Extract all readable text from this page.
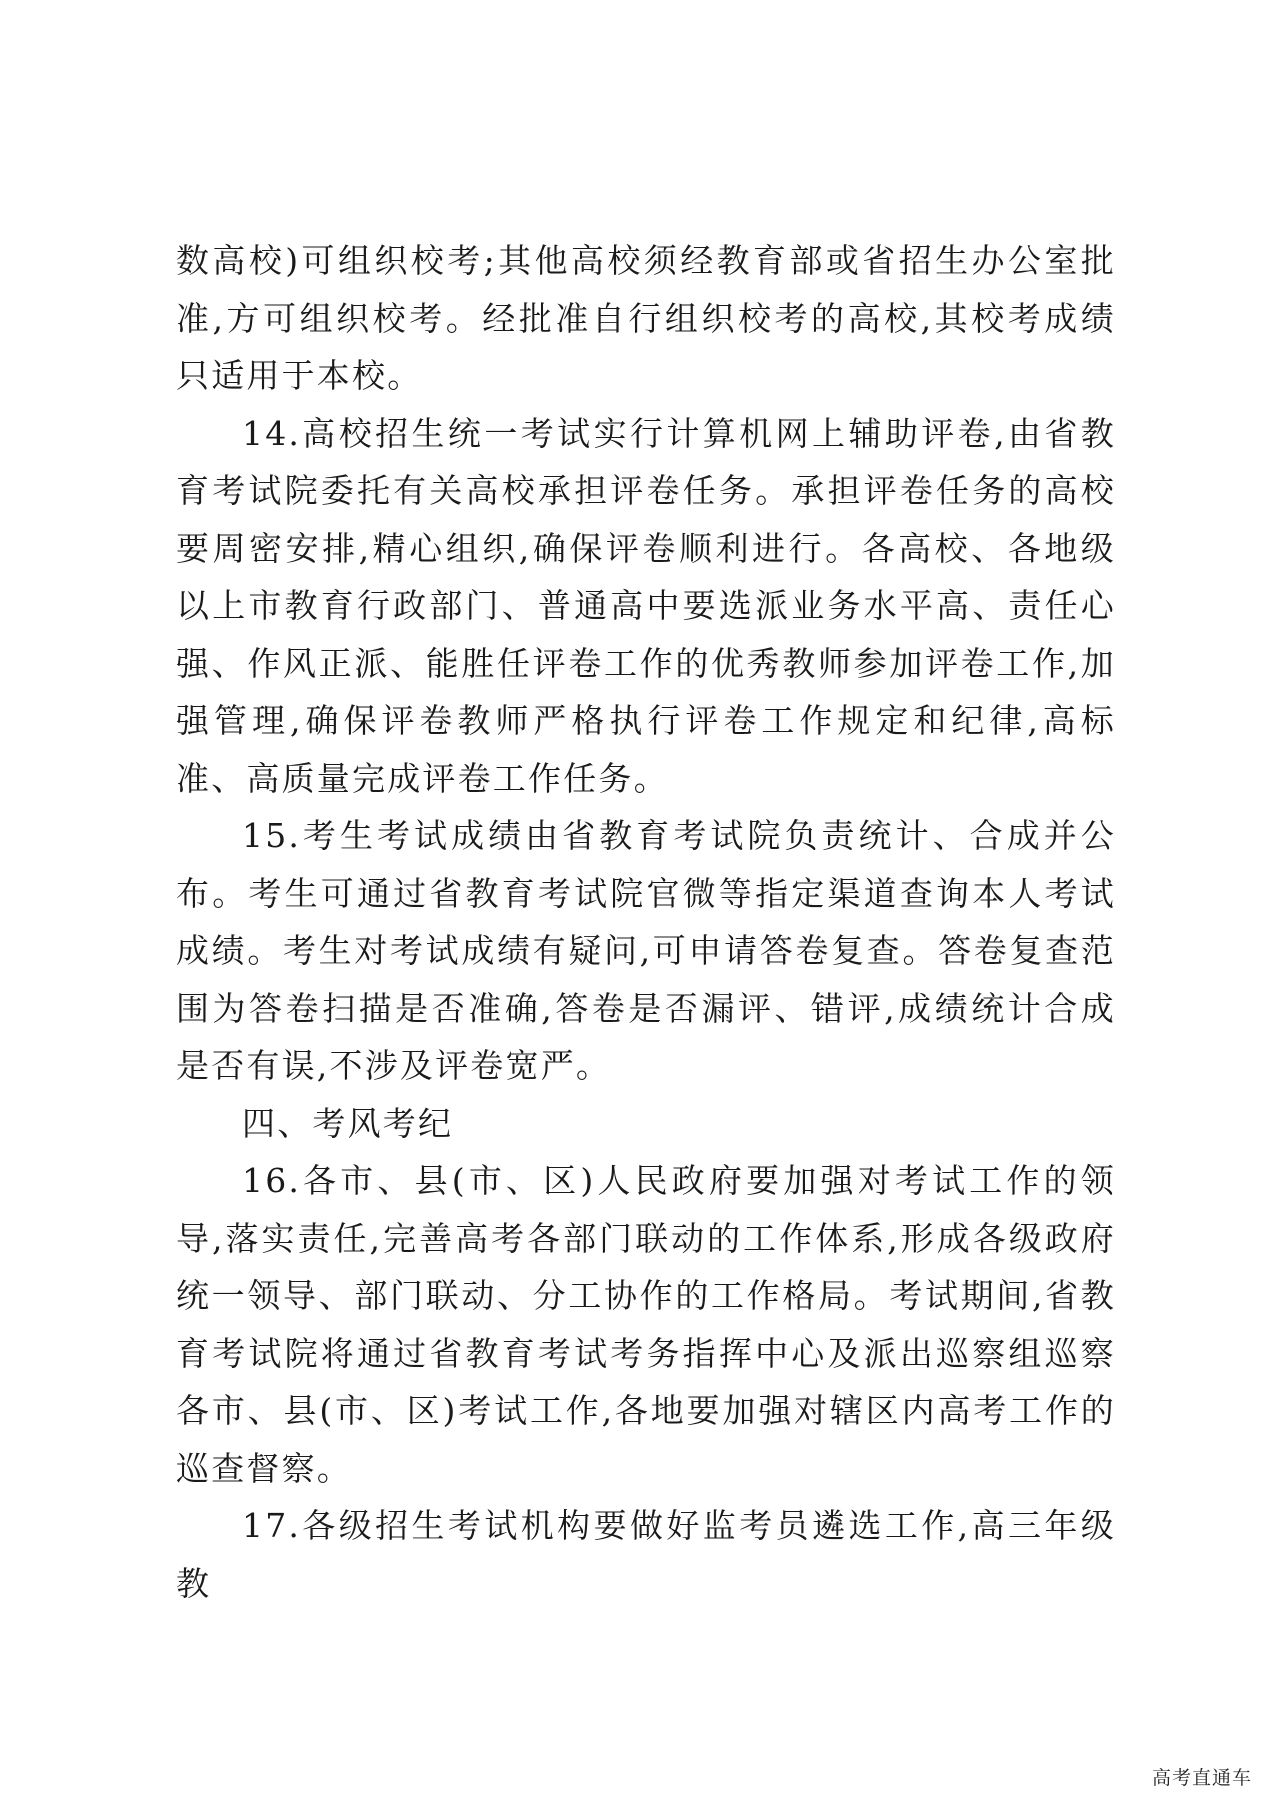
数高校)可组织校考;其他高校须经教育部或省招生办公室批准,方可组织校考。经批准自行组织校考的高校,其校考成绩只适用于本校。

14.高校招生统一考试实行计算机网上辅助评卷,由省教育考试院委托有关高校承担评卷任务。承担评卷任务的高校要周密安排,精心组织,确保评卷顺利进行。各高校、各地级以上市教育行政部门、普通高中要选派业务水平高、责任心强、作风正派、能胜任评卷工作的优秀教师参加评卷工作,加强管理,确保评卷教师严格执行评卷工作规定和纪律,高标准、高质量完成评卷工作任务。

15.考生考试成绩由省教育考试院负责统计、合成并公布。考生可通过省教育考试院官微等指定渠道查询本人考试成绩。考生对考试成绩有疑问,可申请答卷复查。答卷复查范围为答卷扫描是否准确,答卷是否漏评、错评,成绩统计合成是否有误,不涉及评卷宽严。

四、考风考纪

16.各市、县(市、区)人民政府要加强对考试工作的领导,落实责任,完善高考各部门联动的工作体系,形成各级政府统一领导、部门联动、分工协作的工作格局。考试期间,省教育考试院将通过省教育考试考务指挥中心及派出巡察组巡察各市、县(市、区)考试工作,各地要加强对辖区内高考工作的巡查督察。

17.各级招生考试机构要做好监考员遴选工作,高三年级教

高考直通车
